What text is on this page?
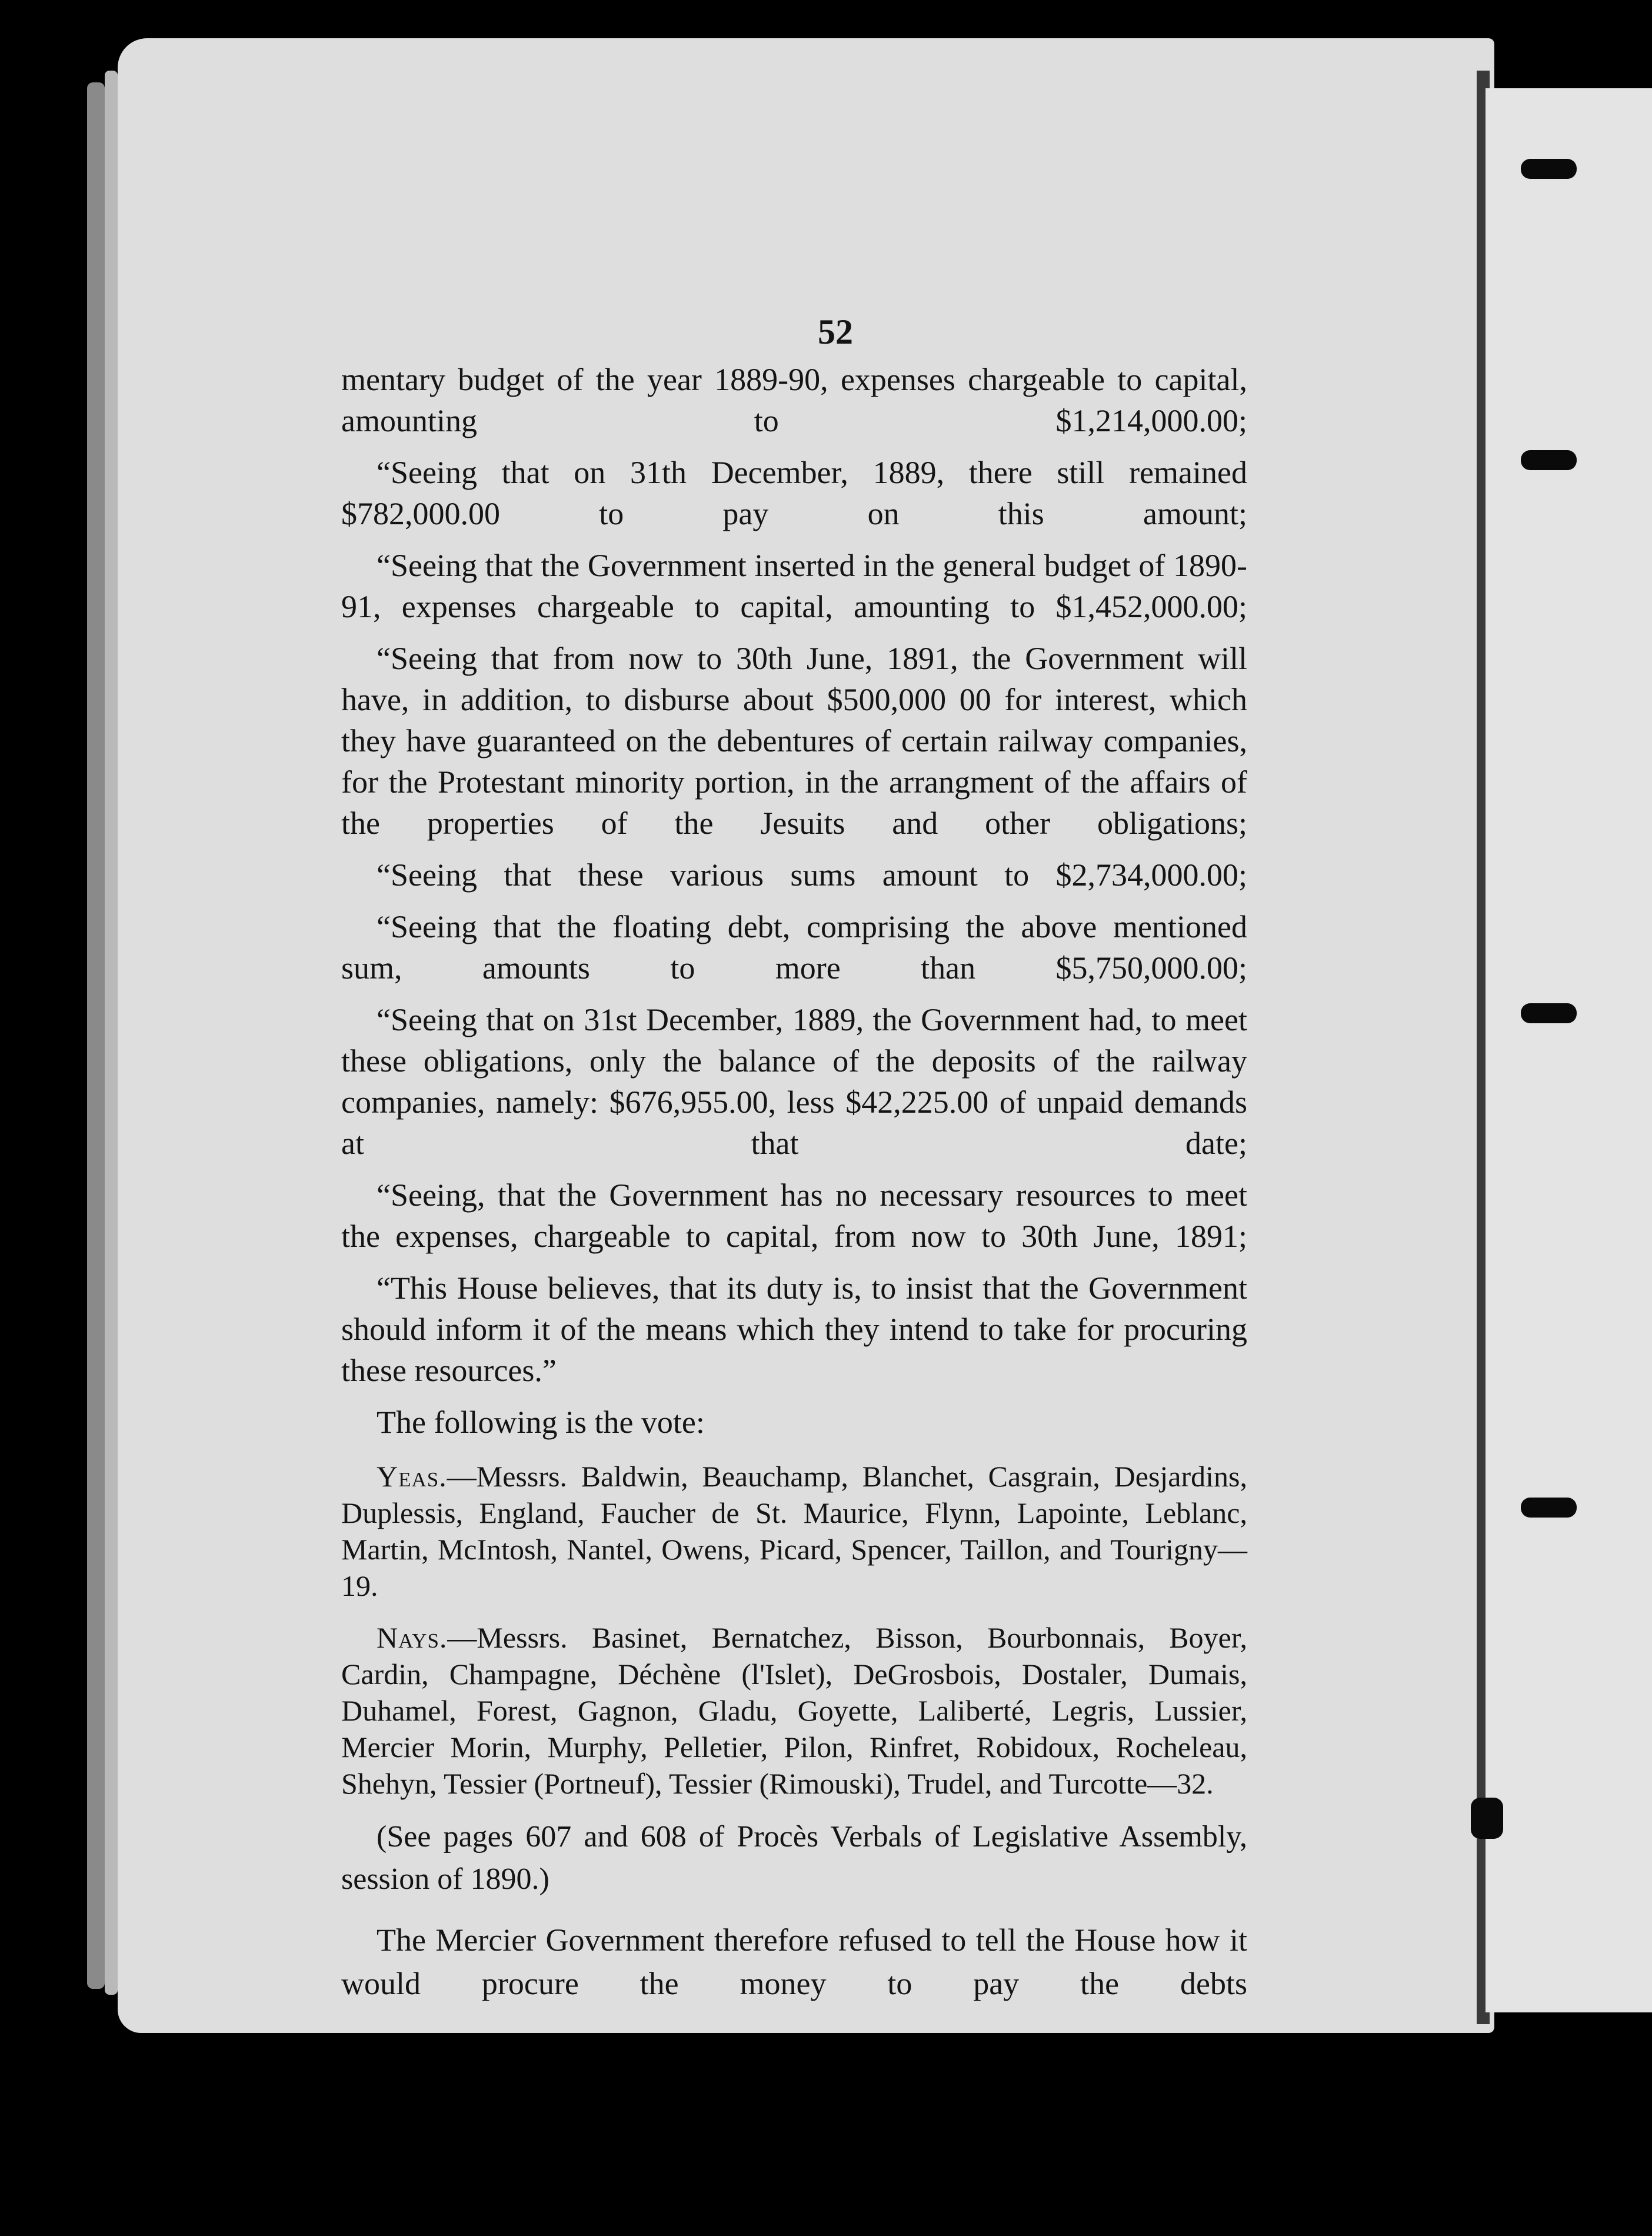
52

mentary budget of the year 1889-90, expenses chargeable to capital, amounting to $1,214,000.00;

“Seeing that on 31th December, 1889, there still remained $782,000.00 to pay on this amount;

“Seeing that the Government inserted in the general budget of 1890-91, expenses chargeable to capital, amounting to $1,452,000.00;

“Seeing that from now to 30th June, 1891, the Government will have, in addition, to disburse about $500,000 00 for interest, which they have guaranteed on the debentures of certain railway companies, for the Protestant minority portion, in the arrangment of the affairs of the properties of the Jesuits and other obligations;

“Seeing that these various sums amount to $2,734,000.00;

“Seeing that the floating debt, comprising the above mentioned sum, amounts to more than $5,750,000.00;

“Seeing that on 31st December, 1889, the Government had, to meet these obligations, only the balance of the deposits of the railway companies, namely: $676,955.00, less $42,225.00 of unpaid demands at that date;

“Seeing, that the Government has no necessary resources to meet the expenses, chargeable to capital, from now to 30th June, 1891;

“This House believes, that its duty is, to insist that the Government should inform it of the means which they intend to take for procuring these resources.”

The following is the vote:

Yeas.—Messrs. Baldwin, Beauchamp, Blanchet, Casgrain, Desjardins, Duplessis, England, Faucher de St. Maurice, Flynn, Lapointe, Leblanc, Martin, McIntosh, Nantel, Owens, Picard, Spencer, Taillon, and Tourigny—19.

Nays.—Messrs. Basinet, Bernatchez, Bisson, Bourbonnais, Boyer, Cardin, Champagne, Déchène (l'Islet), DeGrosbois, Dostaler, Dumais, Duhamel, Forest, Gagnon, Gladu, Goyette, Laliberté, Legris, Lussier, Mercier Morin, Murphy, Pelletier, Pilon, Rinfret, Robidoux, Rocheleau, Shehyn, Tessier (Portneuf), Tessier (Rimouski), Trudel, and Turcotte—32.

(See pages 607 and 608 of Procès Verbals of Legislative Assembly, session of 1890.)

The Mercier Government therefore refused to tell the House how it would procure the money to pay the debts
